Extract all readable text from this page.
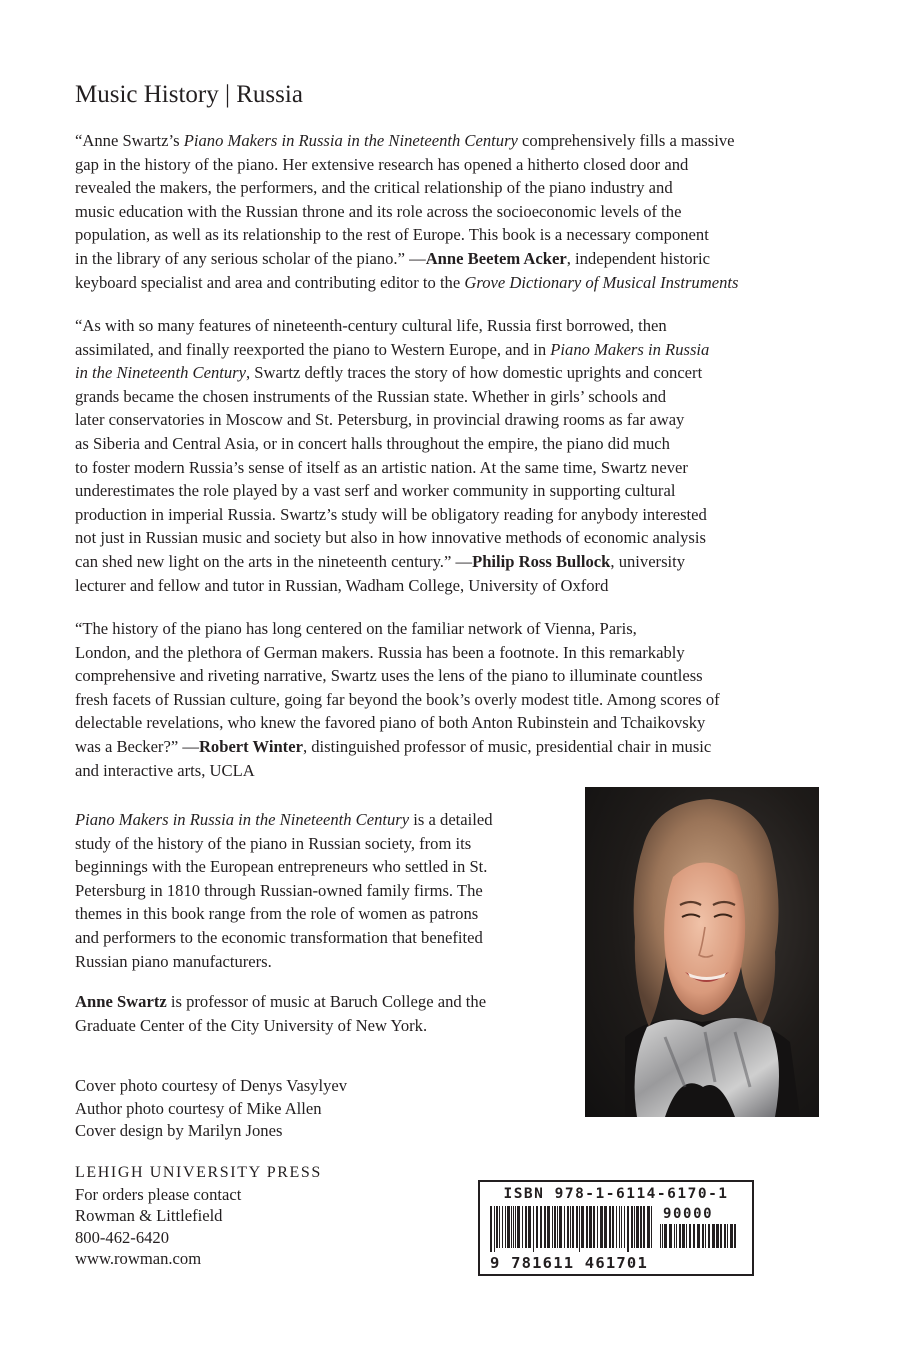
Music History | Russia

“Anne Swartz’s Piano Makers in Russia in the Nineteenth Century comprehensively fills a massive
gap in the history of the piano. Her extensive research has opened a hitherto closed door and
revealed the makers, the performers, and the critical relationship of the piano industry and
music education with the Russian throne and its role across the socioeconomic levels of the
population, as well as its relationship to the rest of Europe. This book is a necessary component
in the library of any serious scholar of the piano.” —Anne Beetem Acker, independent historic
keyboard specialist and area and contributing editor to the Grove Dictionary of Musical Instruments

“As with so many features of nineteenth-century cultural life, Russia first borrowed, then
assimilated, and finally reexported the piano to Western Europe, and in Piano Makers in Russia
in the Nineteenth Century, Swartz deftly traces the story of how domestic uprights and concert
grands became the chosen instruments of the Russian state. Whether in girls’ schools and
later conservatories in Moscow and St. Petersburg, in provincial drawing rooms as far away
as Siberia and Central Asia, or in concert halls throughout the empire, the piano did much
to foster modern Russia’s sense of itself as an artistic nation. At the same time, Swartz never
underestimates the role played by a vast serf and worker community in supporting cultural
production in imperial Russia. Swartz’s study will be obligatory reading for anybody interested
not just in Russian music and society but also in how innovative methods of economic analysis
can shed new light on the arts in the nineteenth century.” —Philip Ross Bullock, university
lecturer and fellow and tutor in Russian, Wadham College, University of Oxford

“The history of the piano has long centered on the familiar network of Vienna, Paris,
London, and the plethora of German makers. Russia has been a footnote. In this remarkably
comprehensive and riveting narrative, Swartz uses the lens of the piano to illuminate countless
fresh facets of Russian culture, going far beyond the book’s overly modest title. Among scores of
delectable revelations, who knew the favored piano of both Anton Rubinstein and Tchaikovsky
was a Becker?” —Robert Winter, distinguished professor of music, presidential chair in music
and interactive arts, UCLA

Piano Makers in Russia in the Nineteenth Century is a detailed
study of the history of the piano in Russian society, from its
beginnings with the European entrepreneurs who settled in St.
Petersburg in 1810 through Russian-owned family firms. The
themes in this book range from the role of women as patrons
and performers to the economic transformation that benefited
Russian piano manufacturers.
Anne Swartz is professor of music at Baruch College and the
Graduate Center of the City University of New York.
Cover photo courtesy of Denys Vasylyev
Author photo courtesy of Mike Allen
Cover design by Marilyn Jones
LEHIGH UNIVERSITY PRESS
For orders please contact
Rowman & Littlefield
800-462-6420
www.rowman.com
ISBN 978-1-6114-6170-1
90000
9 781611 461701
